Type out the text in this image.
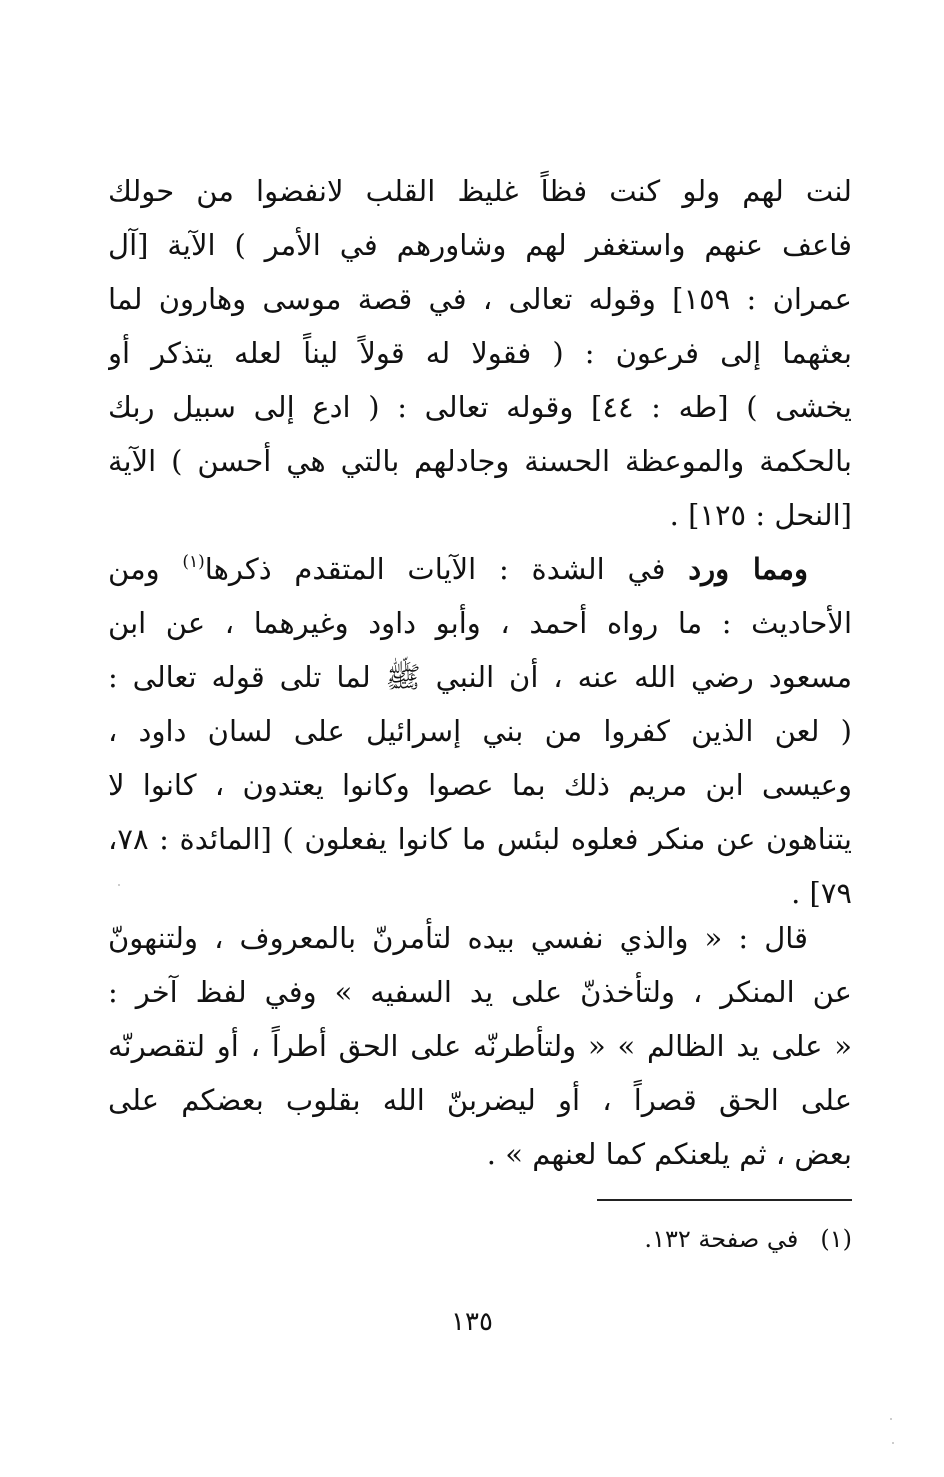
لنت لهم ولو كنت فظاً غليظ القلب لانفضوا من حولك
فاعف عنهم واستغفر لهم وشاورهم في الأمر ) الآية [آل
عمران : ١٥٩] وقوله تعالى ، في قصة موسى وهارون لما
بعثهما إلى فرعون : ( فقولا له قولاً ليناً لعله يتذكر أو
يخشى ) [طه : ٤٤] وقوله تعالى : ( ادع إلى سبيل ربك
بالحكمة والموعظة الحسنة وجادلهم بالتي هي أحسن ) الآية
[النحل : ١٢٥] .
ومما ورد في الشدة : الآيات المتقدم ذكرها$^{(١)}$ ومن
الأحاديث : ما رواه أحمد ، وأبو داود وغيرهما ، عن ابن
مسعود رضي الله عنه ، أن النبي ﷺ لما تلى قوله تعالى :
( لعن الذين كفروا من بني إسرائيل على لسان داود ،
وعيسى ابن مريم ذلك بما عصوا وكانوا يعتدون ، كانوا لا
يتناهون عن منكر فعلوه لبئس ما كانوا يفعلون ) [المائدة : ٧٨،
٧٩] .
قال : « والذي نفسي بيده لتأمرنّ بالمعروف ، ولتنهونّ
عن المنكر ، ولتأخذنّ على يد السفيه » وفي لفظ آخر :
« على يد الظالم » « ولتأطرنّه على الحق أطراً ، أو لتقصرنّه
على الحق قصراً ، أو ليضربنّ الله بقلوب بعضكم على
بعض ، ثم يلعنكم كما لعنهم » .
(١)في صفحة ١٣٢.
١٣٥
